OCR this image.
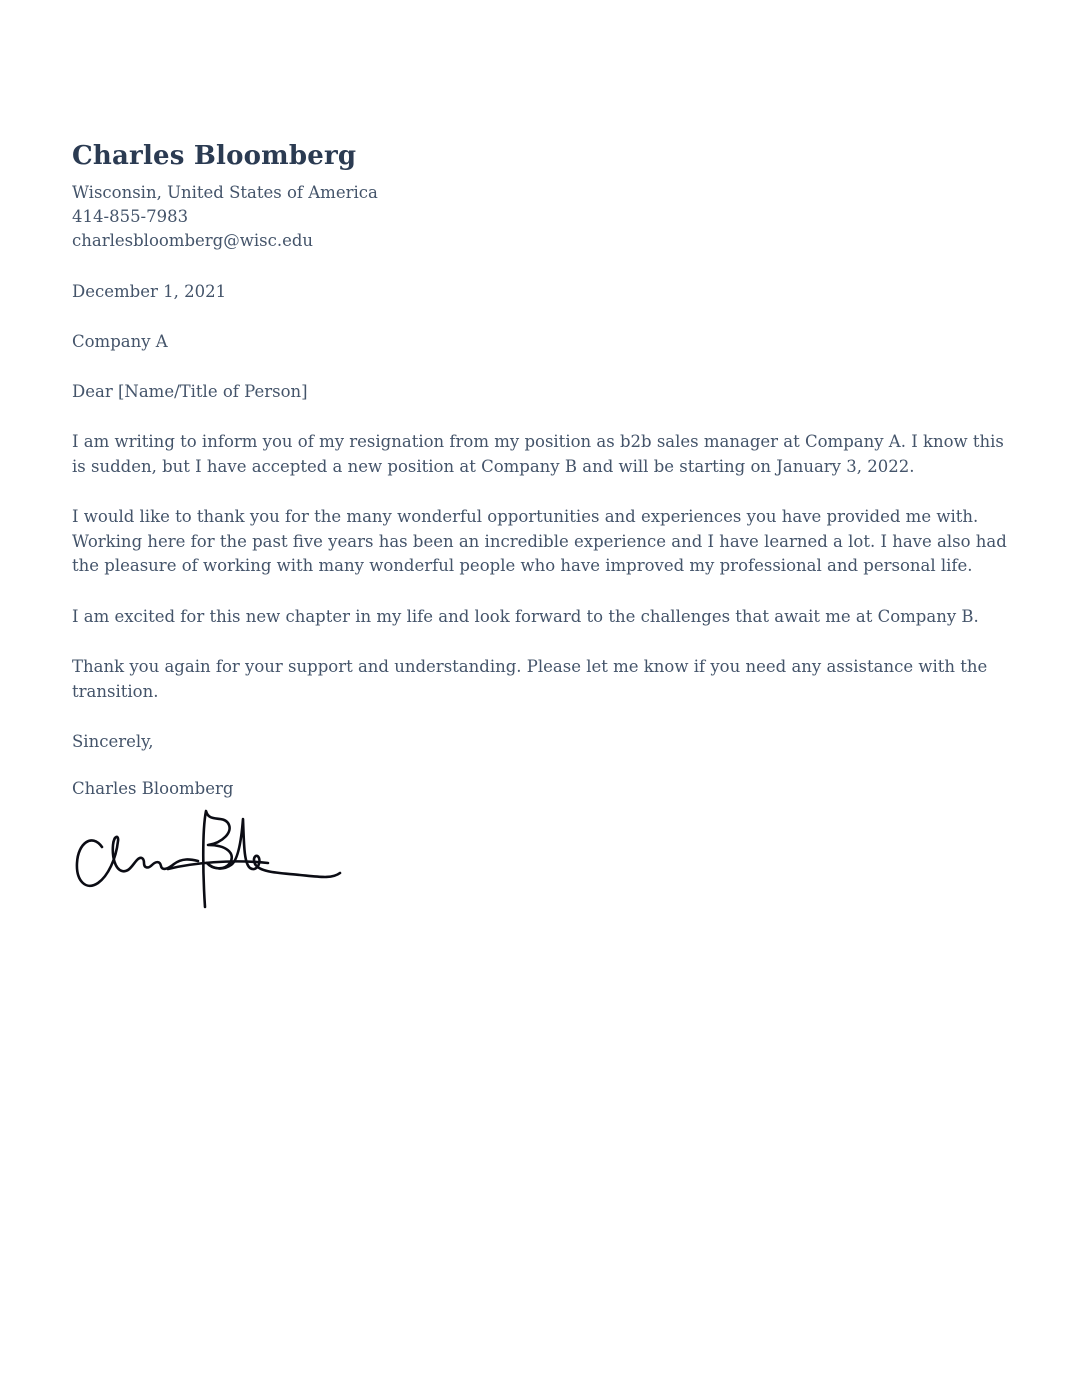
Charles Bloomberg

Wisconsin, United States of America

414-855-7983

charlesbloomberg@wisc.edu

December 1, 2021

Company A

Dear [Name/Title of Person]

I am writing to inform you of my resignation from my position as b2b sales manager at Company A. I know this is sudden, but I have accepted a new position at Company B and will be starting on January 3, 2022.

I would like to thank you for the many wonderful opportunities and experiences you have provided me with. Working here for the past five years has been an incredible experience and I have learned a lot. I have also had the pleasure of working with many wonderful people who have improved my professional and personal life.

I am excited for this new chapter in my life and look forward to the challenges that await me at Company B.

Thank you again for your support and understanding. Please let me know if you need any assistance with the transition.

Sincerely,

Charles Bloomberg
